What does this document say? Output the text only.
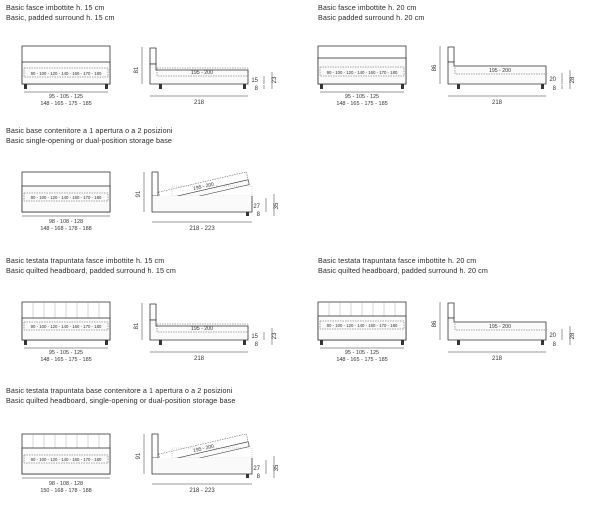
Basic fasce imbottite h. 15 cm
Basic, padded surround h. 15 cm
90 - 100 - 120 - 140 - 160 - 170 - 180
95 - 105 - 125
148 - 165 - 175 - 185
81	195 - 200
218
15
8
23
Basic fasce imbottite h. 20 cm
Basic padded surround h. 20 cm
90 - 100 - 120 - 140 - 160 - 170 - 180
95 - 105 - 125
148 - 165 - 175 - 185
86	195 - 200
218
20
8
28
Basic base contenitore a 1 apertura o a 2 posizioni
Basic single-opening or dual-position storage base
90 - 100 - 120 - 140 - 160 - 170 - 180
98 - 108 - 128
148 - 168 - 178 - 188
91
195 - 200
218 - 223
27
8
35
Basic testata trapuntata fasce imbottite h. 15 cm
Basic quilted headboard, padded surround h. 15 cm
90 - 100 - 120 - 140 - 160 - 170 - 180
95 - 105 - 125
148 - 165 - 175 - 185
81	195 - 200
218
15
8
23
Basic testata trapuntata fasce imbottite h. 20 cm
Basic quilted headboard, padded surround h. 20 cm
90 - 100 - 120 - 140 - 160 - 170 - 180
95 - 105 - 125
148 - 165 - 175 - 185
86	195 - 200
218
20
8
28
Basic testata trapuntata base contenitore a 1 apertura o a 2 posizioni
Basic quilted headboard, single-opening or dual-position storage base
90 - 100 - 120 - 140 - 160 - 170 - 180
98 - 108 - 128
150 - 168 - 178 - 188
91
195 - 200
218 - 223
27
8
35
